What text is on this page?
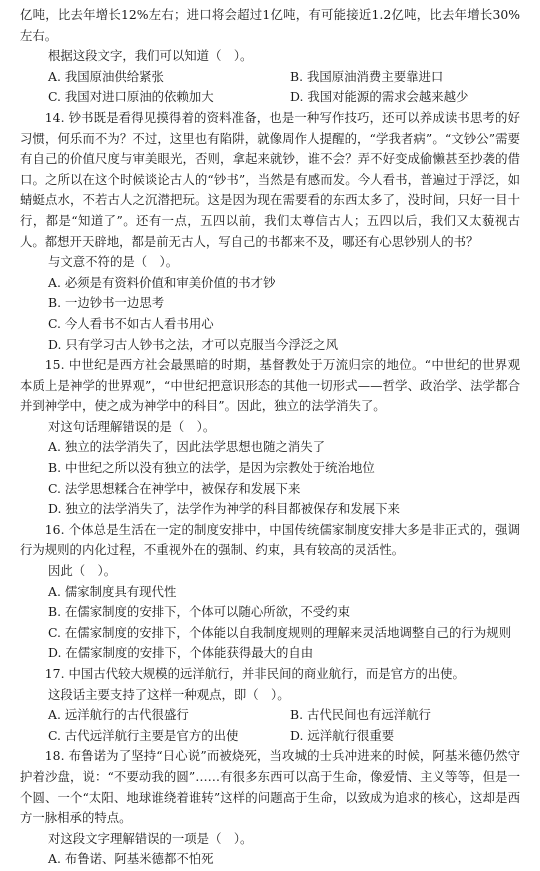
亿吨，比去年增长12%左右；进口将会超过1亿吨，有可能接近1.2亿吨，比去年增长30%左右。

根据这段文字，我们可以知道（　）。

A. 我国原油供给紧张	B. 我国原油消费主要靠进口
C. 我国对进口原油的依赖加大	D. 我国对能源的需求会越来越少

14. 钞书既是看得见摸得着的资料准备，也是一种写作技巧，还可以养成读书思考的好习惯，何乐而不为？不过，这里也有陷阱，就像周作人提醒的，“学我者病”。“文钞公”需要有自己的价值尺度与审美眼光，否则，拿起来就钞，谁不会？弄不好变成偷懒甚至抄袭的借口。之所以在这个时候谈论古人的“钞书”，当然是有感而发。今人看书，普遍过于浮泛，如蜻蜓点水，不若古人之沉潜把玩。这是因为现在需要看的东西太多了，没时间，只好一目十行，都是“知道了”。还有一点，五四以前，我们太尊信古人；五四以后，我们又太藐视古人。都想开天辟地，都是前无古人，写自己的书都来不及，哪还有心思钞别人的书？

与文意不符的是（　）。

A. 必须是有资料价值和审美价值的书才钞

B. 一边钞书一边思考

C. 今人看书不如古人看书用心

D. 只有学习古人钞书之法，才可以克服当今浮泛之风

15. 中世纪是西方社会最黑暗的时期，基督教处于万流归宗的地位。“中世纪的世界观本质上是神学的世界观”，“中世纪把意识形态的其他一切形式——哲学、政治学、法学都合并到神学中，使之成为神学中的科目”。因此，独立的法学消失了。

对这句话理解错误的是（　）。

A. 独立的法学消失了，因此法学思想也随之消失了

B. 中世纪之所以没有独立的法学，是因为宗教处于统治地位

C. 法学思想糅合在神学中，被保存和发展下来

D. 独立的法学消失了，法学作为神学的科目都被保存和发展下来

16. 个体总是生活在一定的制度安排中，中国传统儒家制度安排大多是非正式的，强调行为规则的内化过程，不重视外在的强制、约束，具有较高的灵活性。

因此（　）。

A. 儒家制度具有现代性

B. 在儒家制度的安排下，个体可以随心所欲，不受约束

C. 在儒家制度的安排下，个体能以自我制度规则的理解来灵活地调整自己的行为规则

D. 在儒家制度的安排下，个体能获得最大的自由

17. 中国古代较大规模的远洋航行，并非民间的商业航行，而是官方的出使。

这段话主要支持了这样一种观点，即（　）。

A. 远洋航行的古代很盛行	B. 古代民间也有远洋航行
C. 古代远洋航行主要是官方的出使	D. 远洋航行很重要

18. 布鲁诺为了坚持“日心说”而被烧死，当攻城的士兵冲进来的时候，阿基米德仍然守护着沙盘，说：“不要动我的圆”……有很多东西可以高于生命，像爱情、主义等等，但是一个圆、一个“太阳、地球谁绕着谁转”这样的问题高于生命，以致成为追求的核心，这却是西方一脉相承的特点。

对这段文字理解错误的一项是（　）。

A. 布鲁诺、阿基米德都不怕死
